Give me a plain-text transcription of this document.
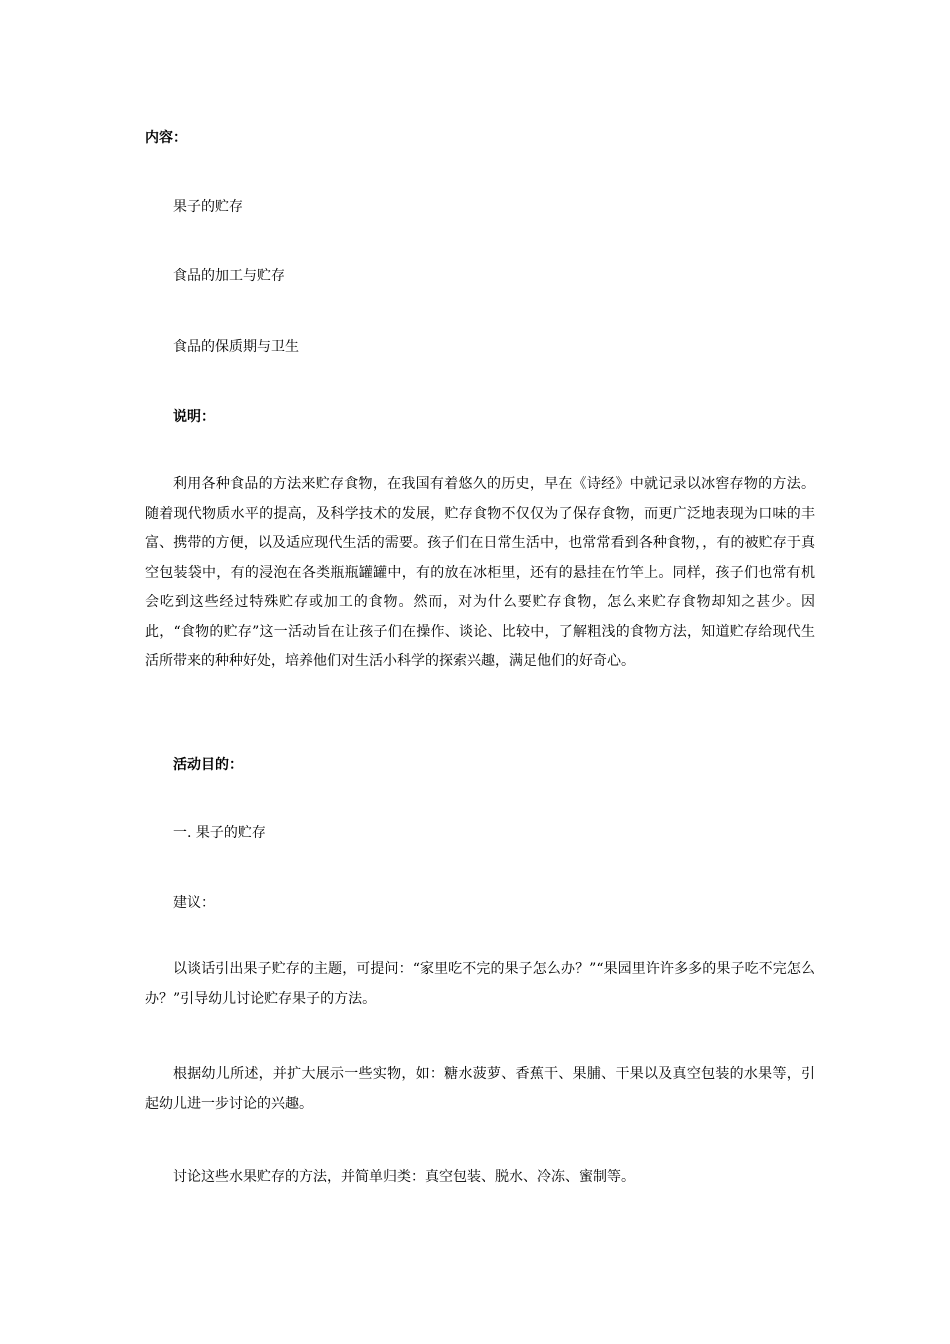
内容：
果子的贮存
食品的加工与贮存
食品的保质期与卫生
说明：
利用各种食品的方法来贮存食物，在我国有着悠久的历史，早在《诗经》中就记录以冰窖存物的方法。随着现代物质水平的提高，及科学技术的发展，贮存食物不仅仅为了保存食物，而更广泛地表现为口味的丰富、携带的方便，以及适应现代生活的需要。孩子们在日常生活中，也常常看到各种食物，，有的被贮存于真空包装袋中，有的浸泡在各类瓶瓶罐罐中，有的放在冰柜里，还有的悬挂在竹竿上。同样，孩子们也常有机会吃到这些经过特殊贮存或加工的食物。然而，对为什么要贮存食物，怎么来贮存食物却知之甚少。因此，“食物的贮存”这一活动旨在让孩子们在操作、谈论、比较中，了解粗浅的食物方法，知道贮存给现代生活所带来的种种好处，培养他们对生活小科学的探索兴趣，满足他们的好奇心。
活动目的：
一. 果子的贮存
建议：
以谈话引出果子贮存的主题，可提问：“家里吃不完的果子怎么办？”“果园里许许多多的果子吃不完怎么办？”引导幼儿讨论贮存果子的方法。
根据幼儿所述，并扩大展示一些实物，如：糖水菠萝、香蕉干、果脯、干果以及真空包装的水果等，引起幼儿进一步讨论的兴趣。
讨论这些水果贮存的方法，并简单归类：真空包装、脱水、冷冻、蜜制等。
